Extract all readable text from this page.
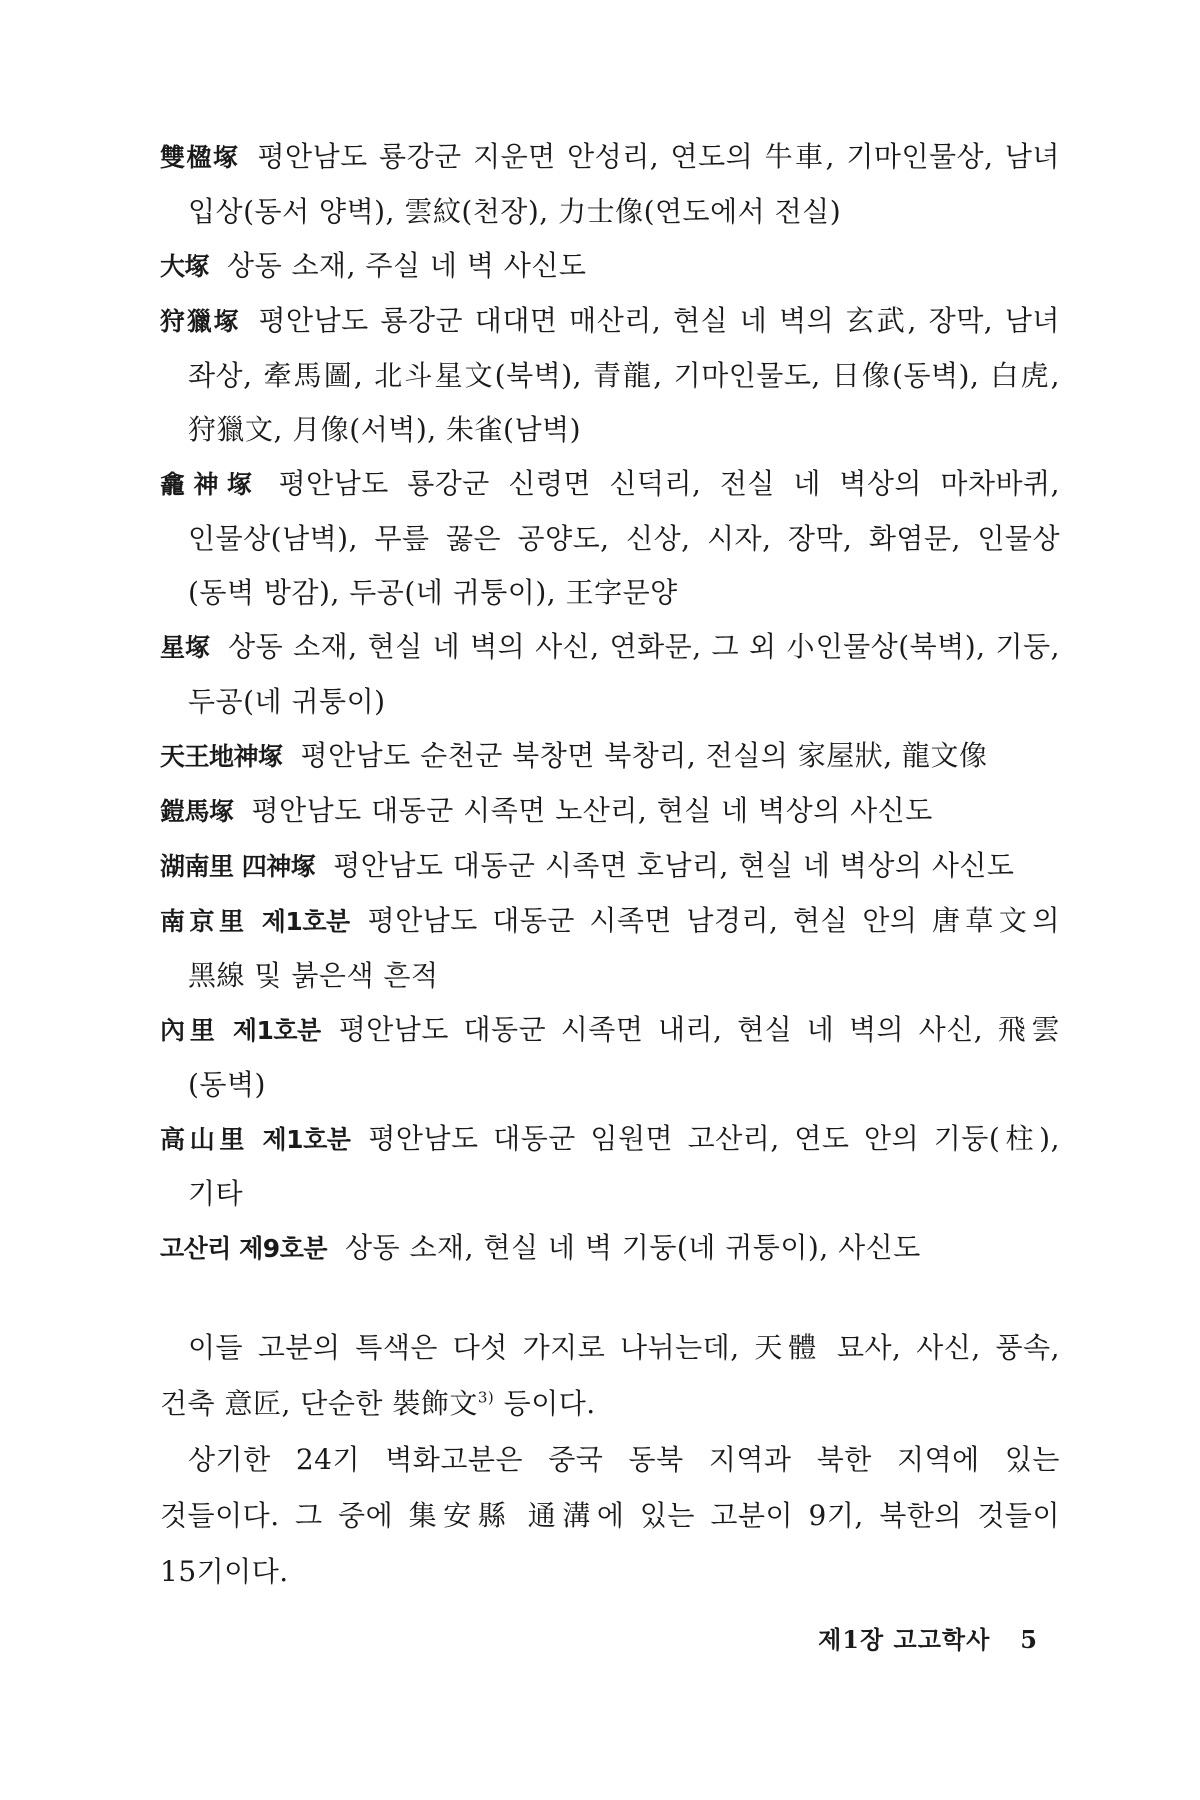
雙楹塚 평안남도 룡강군 지운면 안성리, 연도의 牛車, 기마인물상, 남녀 입상(동서 양벽), 雲紋(천장), 力士像(연도에서 전실)

大塚 상동 소재, 주실 네 벽 사신도

狩獵塚 평안남도 룡강군 대대면 매산리, 현실 네 벽의 玄武, 장막, 남녀 좌상, 牽馬圖, 北斗星文(북벽), 青龍, 기마인물도, 日像(동벽), 白虎, 狩獵文, 月像(서벽), 朱雀(남벽)

龕神塚 평안남도 룡강군 신령면 신덕리, 전실 네 벽상의 마차바퀴, 인물상(남벽), 무릎 꿇은 공양도, 신상, 시자, 장막, 화염문, 인물상(동벽 방감), 두공(네 귀퉁이), 王字문양

星塚 상동 소재, 현실 네 벽의 사신, 연화문, 그 외 小인물상(북벽), 기둥, 두공(네 귀퉁이)

天王地神塚 평안남도 순천군 북창면 북창리, 전실의 家屋狀, 龍文像

鎧馬塚 평안남도 대동군 시족면 노산리, 현실 네 벽상의 사신도

湖南里 四神塚 평안남도 대동군 시족면 호남리, 현실 네 벽상의 사신도

南京里 제1호분 평안남도 대동군 시족면 남경리, 현실 안의 唐草文의 黑線 및 붉은색 흔적

內里 제1호분 평안남도 대동군 시족면 내리, 현실 네 벽의 사신, 飛雲(동벽)

高山里 제1호분 평안남도 대동군 임원면 고산리, 연도 안의 기둥(柱), 기타

고산리 제9호분 상동 소재, 현실 네 벽 기둥(네 귀퉁이), 사신도

이들 고분의 특색은 다섯 가지로 나뉘는데, 天體 묘사, 사신, 풍속, 건축 意匠, 단순한 裝飾文$^{3)}$ 등이다.

상기한 24기 벽화고분은 중국 동북 지역과 북한 지역에 있는 것들이다. 그 중에 集安縣 通溝에 있는 고분이 9기, 북한의 것들이 15기이다.

제1장 고고학사 5
